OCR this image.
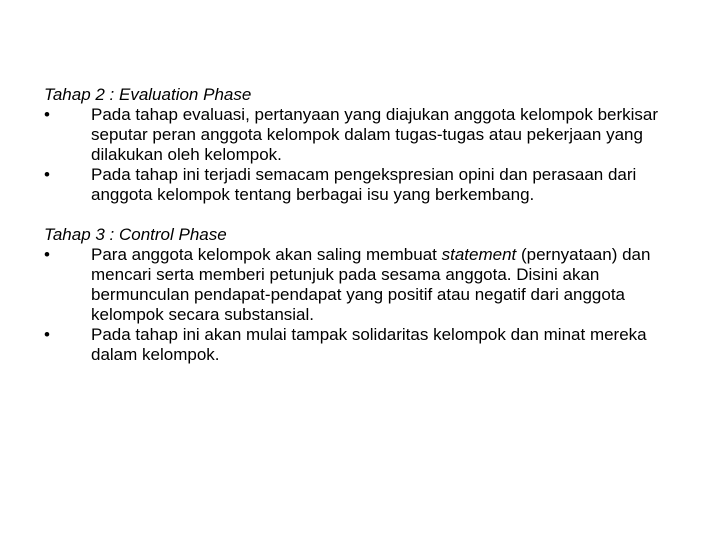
Tahap 2 : Evaluation Phase

•	Pada tahap evaluasi, pertanyaan yang diajukan anggota kelompok berkisar seputar peran anggota kelompok dalam tugas-tugas atau pekerjaan yang dilakukan oleh kelompok.
•	Pada tahap ini terjadi semacam pengekspresian opini dan perasaan dari anggota kelompok tentang berbagai isu yang berkembang.

Tahap 3 : Control Phase

•	Para anggota kelompok akan saling membuat statement (pernyataan) dan mencari serta memberi petunjuk pada sesama anggota. Disini akan bermunculan pendapat-pendapat yang positif atau negatif dari anggota kelompok secara substansial.
•	Pada tahap ini akan mulai tampak solidaritas kelompok dan minat mereka dalam kelompok.
